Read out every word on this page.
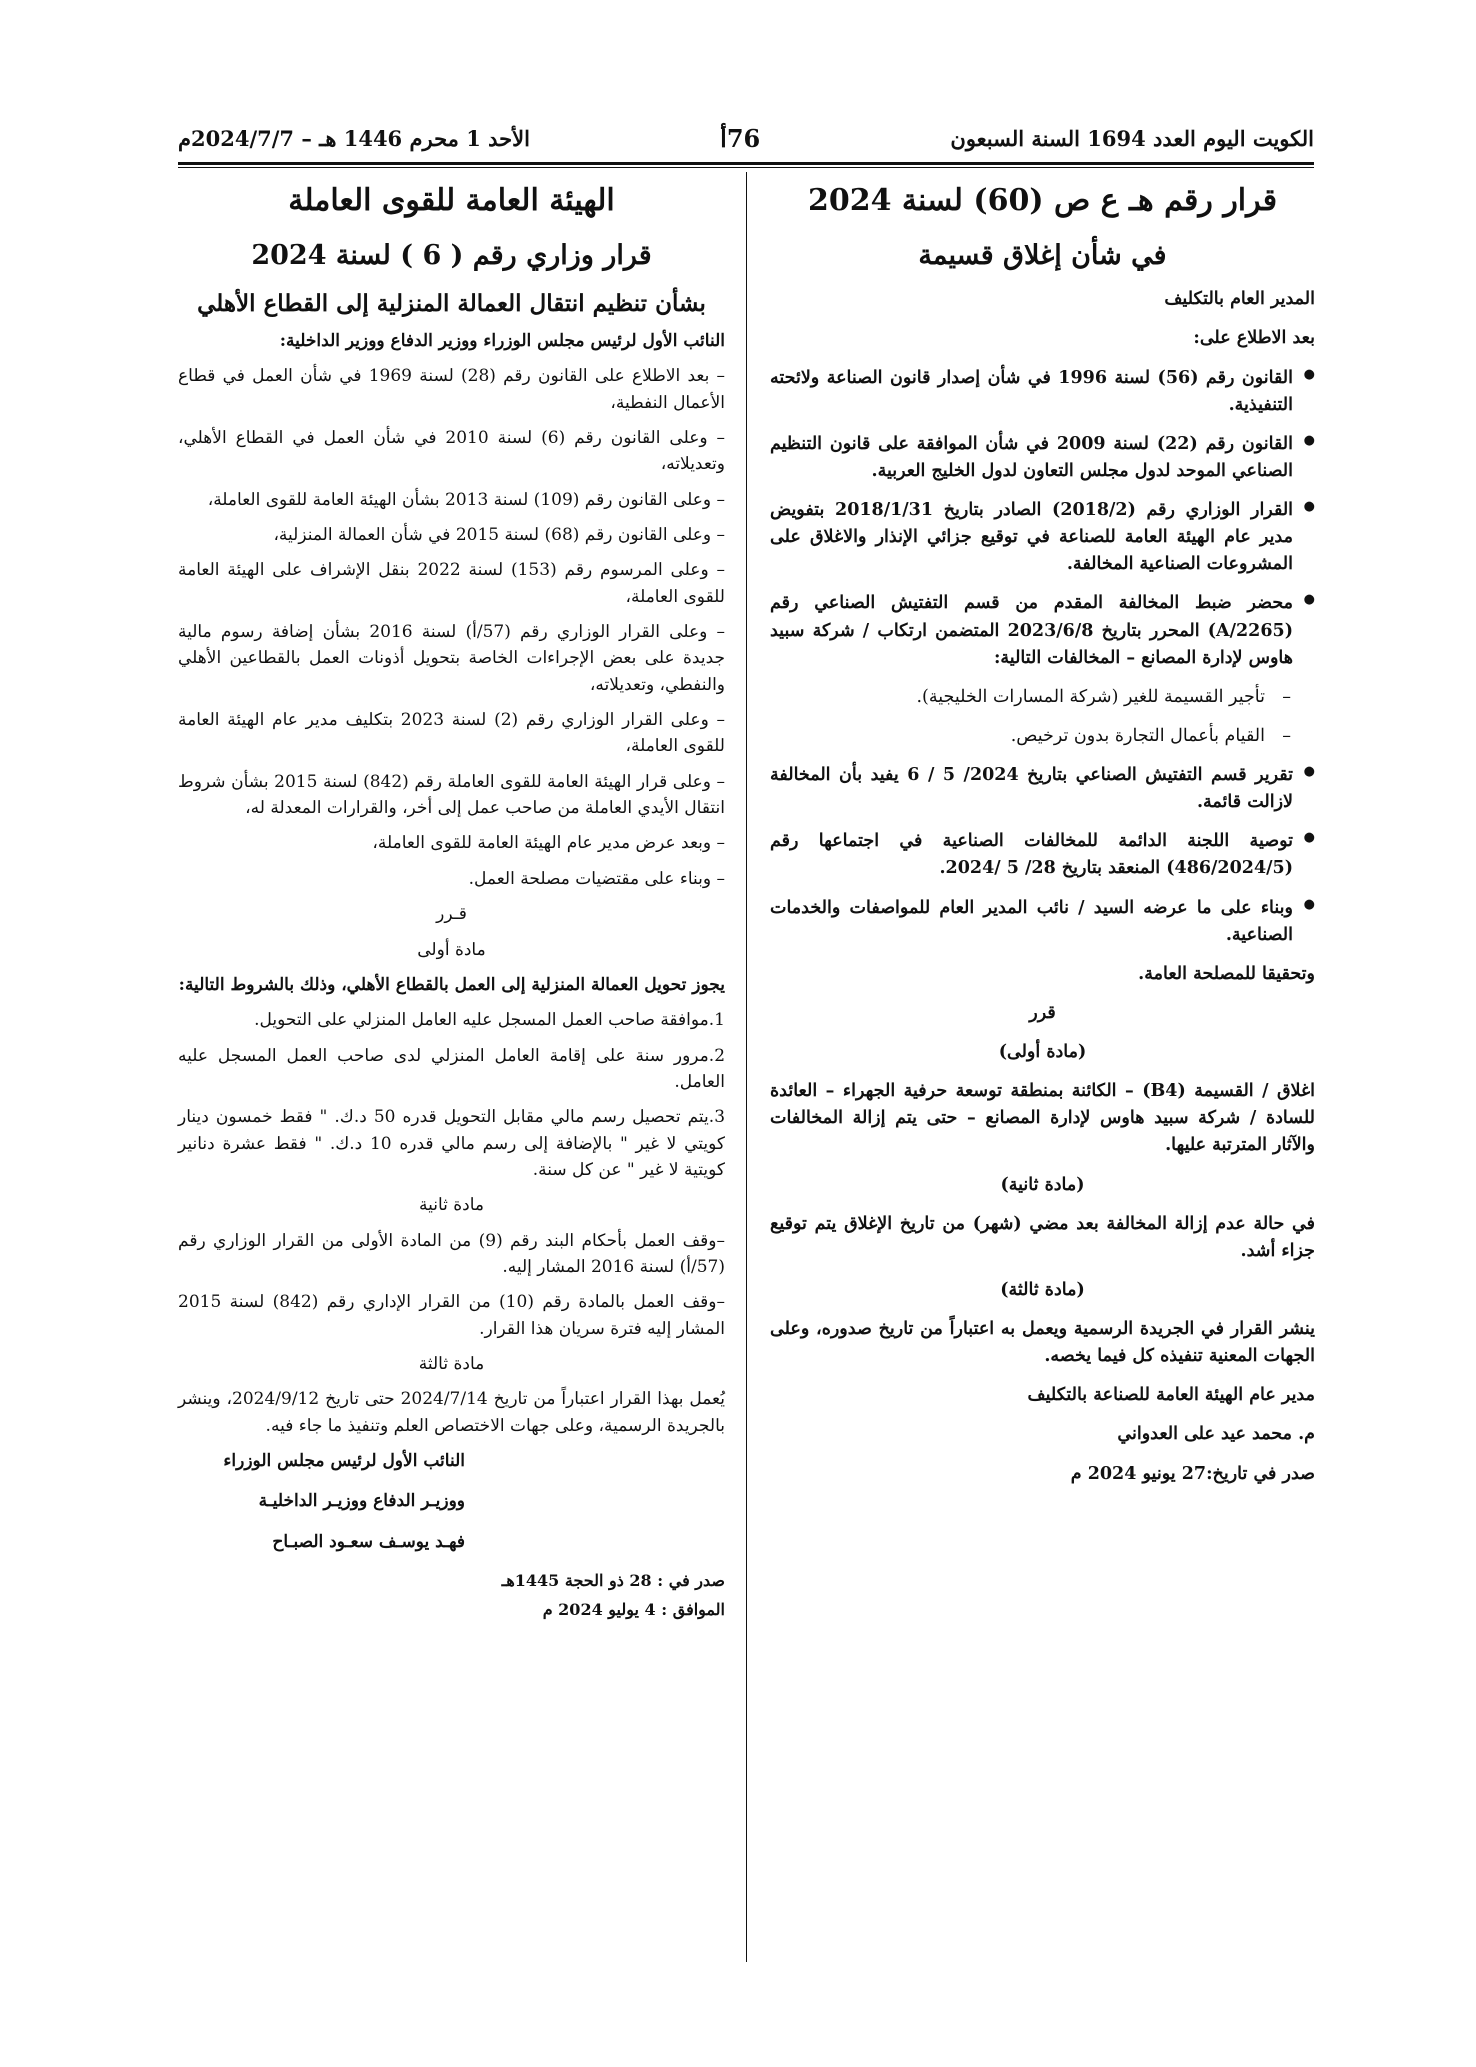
الكويت اليوم العدد 1694 السنة السبعون
76أ
الأحد 1 محرم 1446 هـ – 2024/7/7م
قرار رقم هـ ع ص (60) لسنة 2024
في شأن إغلاق قسيمة

المدير العام بالتكليف

بعد الاطلاع على:

● القانون رقم (56) لسنة 1996 في شأن إصدار قانون الصناعة ولائحته التنفيذية.
● القانون رقم (22) لسنة 2009 في شأن الموافقة على قانون التنظيم الصناعي الموحد لدول مجلس التعاون لدول الخليج العربية.
● القرار الوزاري رقم (2018/2) الصادر بتاريخ 2018/1/31 بتفويض مدير عام الهيئة العامة للصناعة في توقيع جزائي الإنذار والاغلاق على المشروعات الصناعية المخالفة.
● محضر ضبط المخالفة المقدم من قسم التفتيش الصناعي رقم (A/2265) المحرر بتاريخ 2023/6/8 المتضمن ارتكاب / شركة سبيد هاوس لإدارة المصانع – المخالفات التالية:
– تأجير القسيمة للغير (شركة المسارات الخليجية).
– القيام بأعمال التجارة بدون ترخيص.
● تقرير قسم التفتيش الصناعي بتاريخ 2024/ 5 / 6 يفيد بأن المخالفة لازالت قائمة.
● توصية اللجنة الدائمة للمخالفات الصناعية في اجتماعها رقم (486/2024/5) المنعقد بتاريخ 28/ 5 /2024.
● وبناء على ما عرضه السيد / نائب المدير العام للمواصفات والخدمات الصناعية.

وتحقيقا للمصلحة العامة.

قرر

(مادة أولى)

اغلاق / القسيمة (B4) – الكائنة بمنطقة توسعة حرفية الجهراء – العائدة للسادة / شركة سبيد هاوس لإدارة المصانع – حتى يتم إزالة المخالفات والآثار المترتبة عليها.

(مادة ثانية)

في حالة عدم إزالة المخالفة بعد مضي (شهر) من تاريخ الإغلاق يتم توقيع جزاء أشد.

(مادة ثالثة)

ينشر القرار في الجريدة الرسمية ويعمل به اعتباراً من تاريخ صدوره، وعلى الجهات المعنية تنفيذه كل فيما يخصه.

مدير عام الهيئة العامة للصناعة بالتكليف

م. محمد عيد على العدواني

صدر في تاريخ:27 يونيو 2024 م

الهيئة العامة للقوى العاملة
قرار وزاري رقم ( 6 ) لسنة 2024
بشأن تنظيم انتقال العمالة المنزلية إلى القطاع الأهلي

النائب الأول لرئيس مجلس الوزراء ووزير الدفاع ووزير الداخلية:

– بعد الاطلاع على القانون رقم (28) لسنة 1969 في شأن العمل في قطاع الأعمال النفطية،

– وعلى القانون رقم (6) لسنة 2010 في شأن العمل في القطاع الأهلي، وتعديلاته،

– وعلى القانون رقم (109) لسنة 2013 بشأن الهيئة العامة للقوى العاملة،

– وعلى القانون رقم (68) لسنة 2015 في شأن العمالة المنزلية،

– وعلى المرسوم رقم (153) لسنة 2022 بنقل الإشراف على الهيئة العامة للقوى العاملة،

– وعلى القرار الوزاري رقم (57/أ) لسنة 2016 بشأن إضافة رسوم مالية جديدة على بعض الإجراءات الخاصة بتحويل أذونات العمل بالقطاعين الأهلي والنفطي، وتعديلاته،

– وعلى القرار الوزاري رقم (2) لسنة 2023 بتكليف مدير عام الهيئة العامة للقوى العاملة،

– وعلى قرار الهيئة العامة للقوى العاملة رقم (842) لسنة 2015 بشأن شروط انتقال الأيدي العاملة من صاحب عمل إلى أخر، والقرارات المعدلة له،

– وبعد عرض مدير عام الهيئة العامة للقوى العاملة،

– وبناء على مقتضيات مصلحة العمل.

قـرر

مادة أولى

يجوز تحويل العمالة المنزلية إلى العمل بالقطاع الأهلي، وذلك بالشروط التالية:

1.موافقة صاحب العمل المسجل عليه العامل المنزلي على التحويل.

2.مرور سنة على إقامة العامل المنزلي لدى صاحب العمل المسجل عليه العامل.

3.يتم تحصيل رسم مالي مقابل التحويل قدره 50 د.ك. " فقط خمسون دينار كويتي لا غير " بالإضافة إلى رسم مالي قدره 10 د.ك. " فقط عشرة دنانير كويتية لا غير " عن كل سنة.

مادة ثانية

–وقف العمل بأحكام البند رقم (9) من المادة الأولى من القرار الوزاري رقم (57/أ) لسنة 2016 المشار إليه.

–وقف العمل بالمادة رقم (10) من القرار الإداري رقم (842) لسنة 2015 المشار إليه فترة سريان هذا القرار.

مادة ثالثة

يُعمل بهذا القرار اعتباراً من تاريخ 2024/7/14 حتى تاريخ 2024/9/12، وينشر بالجريدة الرسمية، وعلى جهات الاختصاص العلم وتنفيذ ما جاء فيه.

النائب الأول لرئيس مجلس الوزراء

ووزيـر الدفاع ووزيـر الداخليـة

فهـد يوسـف سعـود الصبـاح

صدر في : 28 ذو الحجة 1445هـ

الموافق : 4 يوليو 2024 م
